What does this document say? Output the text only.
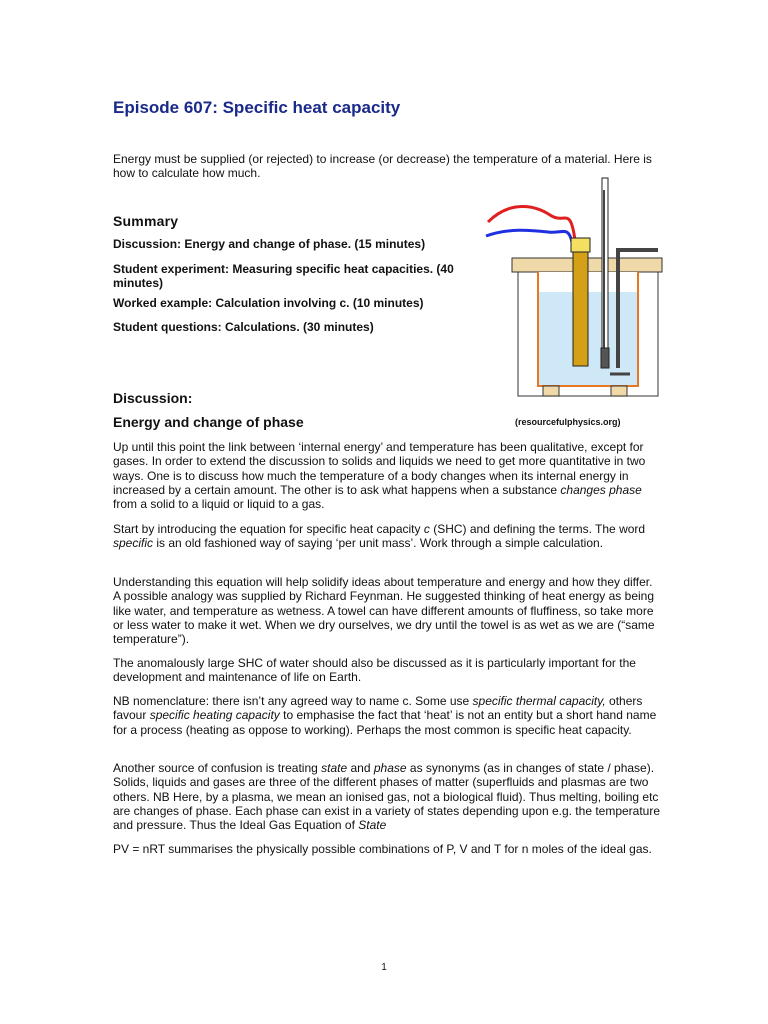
Episode 607: Specific heat capacity
Energy must be supplied (or rejected) to increase (or decrease) the temperature of a material. Here is how to calculate how much.
Summary
Discussion: Energy and change of phase. (15 minutes)
Student experiment: Measuring specific heat capacities. (40 minutes)
Worked example: Calculation involving c. (10 minutes)
Student questions: Calculations. (30 minutes)
(resourcefulphysics.org)
Discussion:
Energy and change of phase
Up until this point the link between ‘internal energy’ and temperature has been qualitative, except for gases. In order to extend the discussion to solids and liquids we need to get more quantitative in two ways. One is to discuss how much the temperature of a body changes when its internal energy in increased by a certain amount. The other is to ask what happens when a substance changes phase from a solid to a liquid or liquid to a gas.
Start by introducing the equation for specific heat capacity c (SHC) and defining the terms. The word specific is an old fashioned way of saying ‘per unit mass’. Work through a simple calculation.
Understanding this equation will help solidify ideas about temperature and energy and how they differ. A possible analogy was supplied by Richard Feynman. He suggested thinking of heat energy as being like water, and temperature as wetness. A towel can have different amounts of fluffiness, so take more or less water to make it wet. When we dry ourselves, we dry until the towel is as wet as we are (“same temperature”).
The anomalously large SHC of water should also be discussed as it is particularly important for the development and maintenance of life on Earth.
NB nomenclature: there isn’t any agreed way to name c. Some use specific thermal capacity, others favour specific heating capacity to emphasise the fact that ‘heat’ is not an entity but a short hand name for a process (heating as oppose to working). Perhaps the most common is specific heat capacity.
Another source of confusion is treating state and phase as synonyms (as in changes of state / phase). Solids, liquids and gases are three of the different phases of matter (superfluids and plasmas are two others. NB Here, by a plasma, we mean an ionised gas, not a biological fluid). Thus melting, boiling etc are changes of phase. Each phase can exist in a variety of states depending upon e.g. the temperature and pressure. Thus the Ideal Gas Equation of State
PV = nRT summarises the physically possible combinations of P, V and T for n moles of the ideal gas.
1
